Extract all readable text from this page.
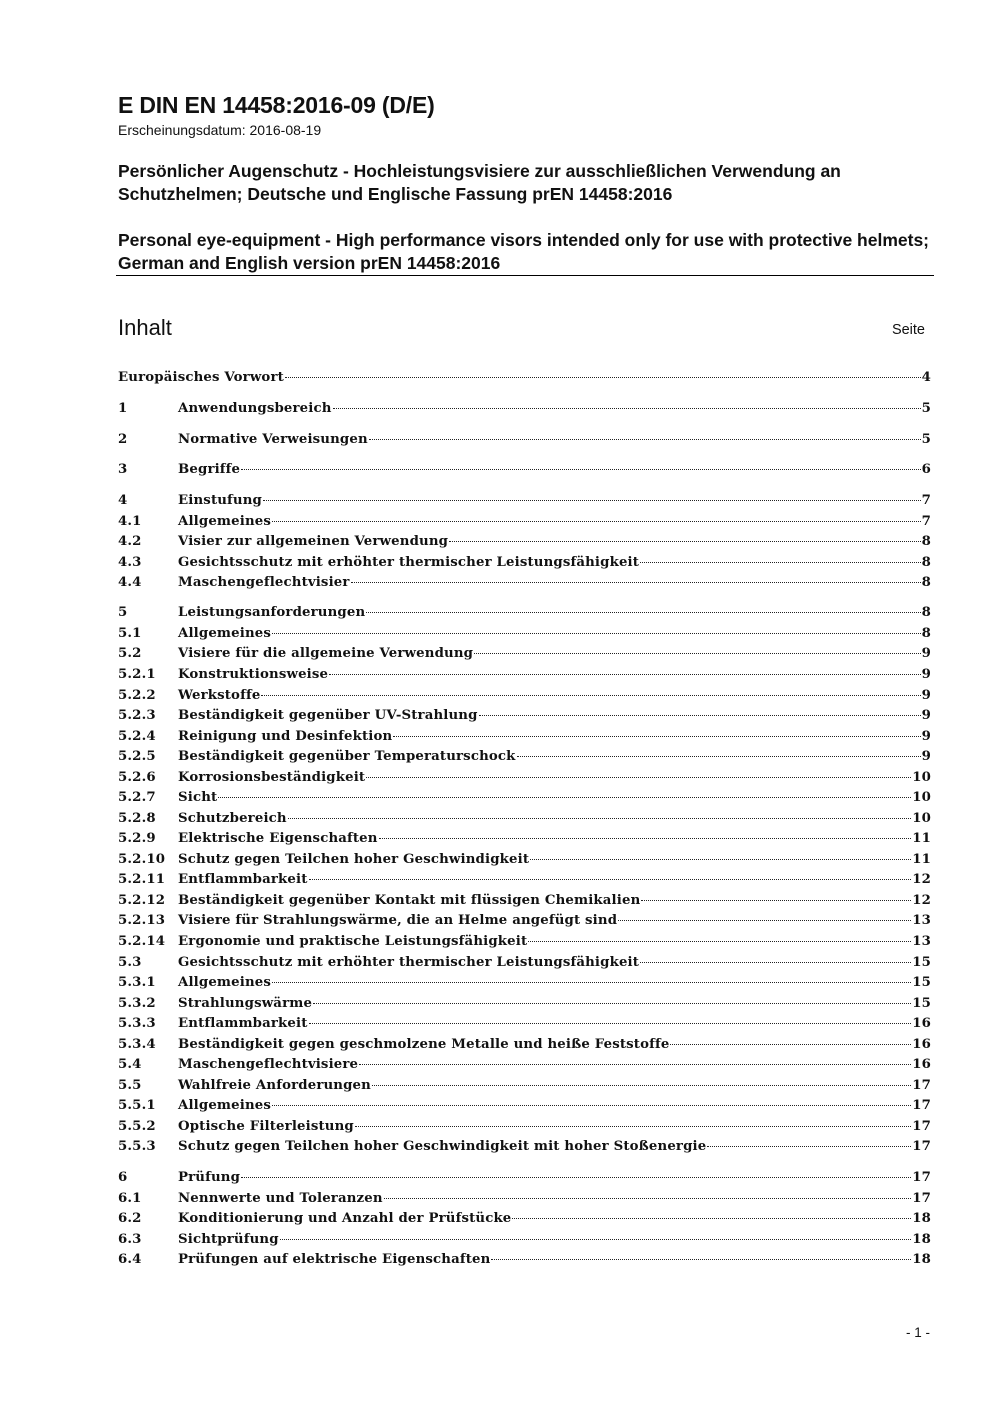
E DIN EN 14458:2016-09 (D/E)
Erscheinungsdatum: 2016-08-19
Persönlicher Augenschutz - Hochleistungsvisiere zur ausschließlichen Verwendung an Schutzhelmen; Deutsche und Englische Fassung prEN 14458:2016
Personal eye-equipment - High performance visors intended only for use with protective helmets; German and English version prEN 14458:2016
Inhalt	Seite
Europäisches Vorwort	4
1	Anwendungsbereich	5
2	Normative Verweisungen	5
3	Begriffe	6
4	Einstufung	7
4.1	Allgemeines	7
4.2	Visier zur allgemeinen Verwendung	8
4.3	Gesichtsschutz mit erhöhter thermischer Leistungsfähigkeit	8
4.4	Maschengeflechtvisier	8
5	Leistungsanforderungen	8
5.1	Allgemeines	8
5.2	Visiere für die allgemeine Verwendung	9
5.2.1	Konstruktionsweise	9
5.2.2	Werkstoffe	9
5.2.3	Beständigkeit gegenüber UV-Strahlung	9
5.2.4	Reinigung und Desinfektion	9
5.2.5	Beständigkeit gegenüber Temperaturschock	9
5.2.6	Korrosionsbeständigkeit	10
5.2.7	Sicht	10
5.2.8	Schutzbereich	10
5.2.9	Elektrische Eigenschaften	11
5.2.10 Schutz gegen Teilchen hoher Geschwindigkeit	11
5.2.11 Entflammbarkeit	12
5.2.12 Beständigkeit gegenüber Kontakt mit flüssigen Chemikalien	12
5.2.13 Visiere für Strahlungswärme, die an Helme angefügt sind	13
5.2.14 Ergonomie und praktische Leistungsfähigkeit	13
5.3	Gesichtsschutz mit erhöhter thermischer Leistungsfähigkeit	15
5.3.1	Allgemeines	15
5.3.2	Strahlungswärme	15
5.3.3	Entflammbarkeit	16
5.3.4	Beständigkeit gegen geschmolzene Metalle und heiße Feststoffe	16
5.4	Maschengeflechtvisiere	16
5.5	Wahlfreie Anforderungen	17
5.5.1	Allgemeines	17
5.5.2	Optische Filterleistung	17
5.5.3	Schutz gegen Teilchen hoher Geschwindigkeit mit hoher Stoßenergie	17
6	Prüfung	17
6.1	Nennwerte und Toleranzen	17
6.2	Konditionierung und Anzahl der Prüfstücke	18
6.3	Sichtprüfung	18
6.4	Prüfungen auf elektrische Eigenschaften	18
- 1 -
